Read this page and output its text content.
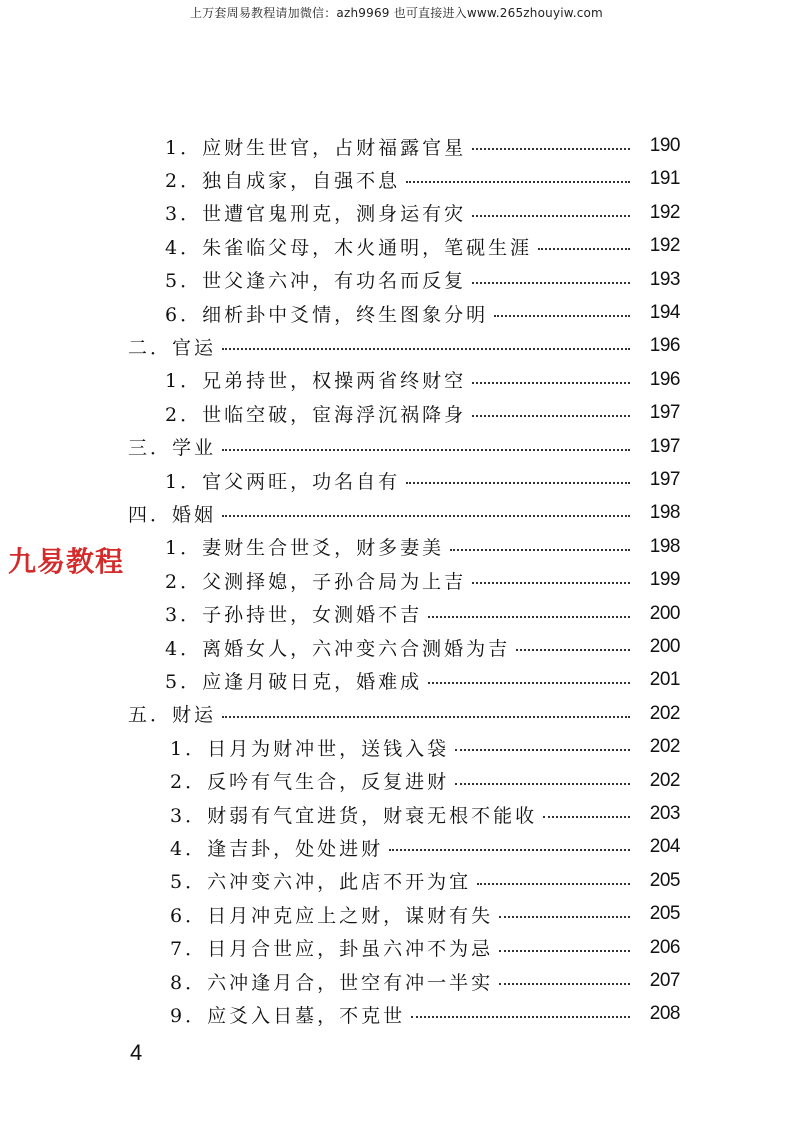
上万套周易教程请加微信：azh9969 也可直接进入www.265zhouyiw.com
九易教程
1．应财生世官，占财福露官星	190
2．独自成家，自强不息	191
3．世遭官鬼刑克，测身运有灾	192
4．朱雀临父母，木火通明，笔砚生涯	192
5．世父逢六冲，有功名而反复	193
6．细析卦中爻情，终生图象分明	194
二．官运	196
1．兄弟持世，权操两省终财空	196
2．世临空破，宦海浮沉祸降身	197
三．学业	197
1．官父两旺，功名自有	197
四．婚姻	198
1．妻财生合世爻，财多妻美	198
2．父测择媳，子孙合局为上吉	199
3．子孙持世，女测婚不吉	200
4．离婚女人，六冲变六合测婚为吉	200
5．应逢月破日克，婚难成	201
五．财运	202
1．日月为财冲世，送钱入袋	202
2．反吟有气生合，反复进财	202
3．财弱有气宜进货，财衰无根不能收	203
4．逢吉卦，处处进财	204
5．六冲变六冲，此店不开为宜	205
6．日月冲克应上之财，谋财有失	205
7．日月合世应，卦虽六冲不为忌	206
8．六冲逢月合，世空有冲一半实	207
9．应爻入日墓，不克世	208
4
